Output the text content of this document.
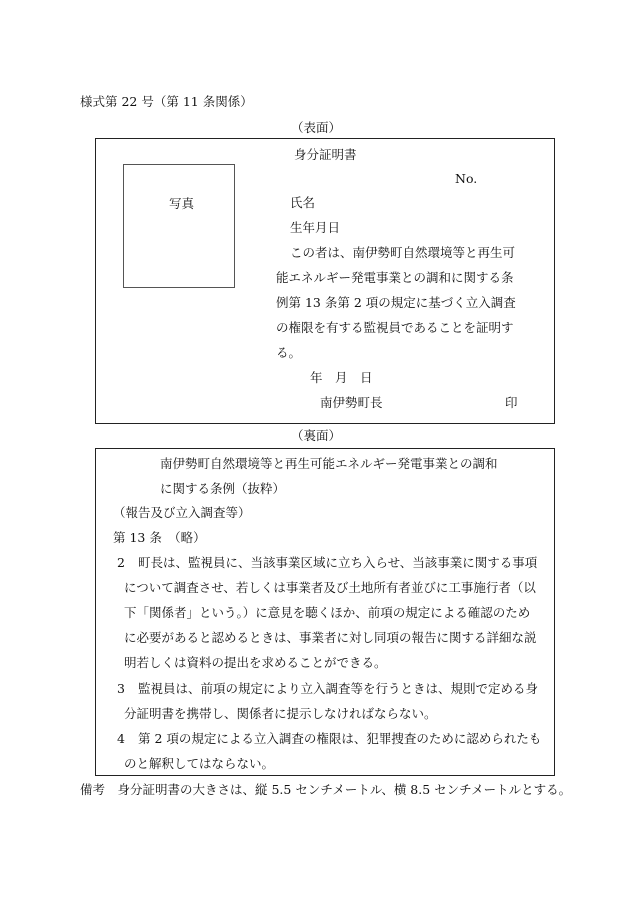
様式第 22 号（第 11 条関係）
（表面）
身分証明書
No.
写真	氏名
生年月日
この者は、南伊勢町自然環境等と再生可
能エネルギー発電事業との調和に関する条
例第 13 条第 2 項の規定に基づく立入調査
の権限を有する監視員であることを証明す
る。
年　月　日
南伊勢町長	印
（裏面）
南伊勢町自然環境等と再生可能エネルギー発電事業との調和
に関する条例（抜粋）
（報告及び立入調査等）
第 13 条　（略）
2 町長は、監視員に、当該事業区域に立ち入らせ、当該事業に関する事項
について調査させ、若しくは事業者及び土地所有者並びに工事施行者（以
下「関係者」という。）に意見を聴くほか、前項の規定による確認のため
に必要があると認めるときは、事業者に対し同項の報告に関する詳細な説
明若しくは資料の提出を求めることができる。
3 監視員は、前項の規定により立入調査等を行うときは、規則で定める身
分証明書を携帯し、関係者に提示しなければならない。
4 第 2 項の規定による立入調査の権限は、犯罪捜査のために認められたも
のと解釈してはならない。
備考　身分証明書の大きさは、縦 5.5 センチメートル、横 8.5 センチメートルとする。
